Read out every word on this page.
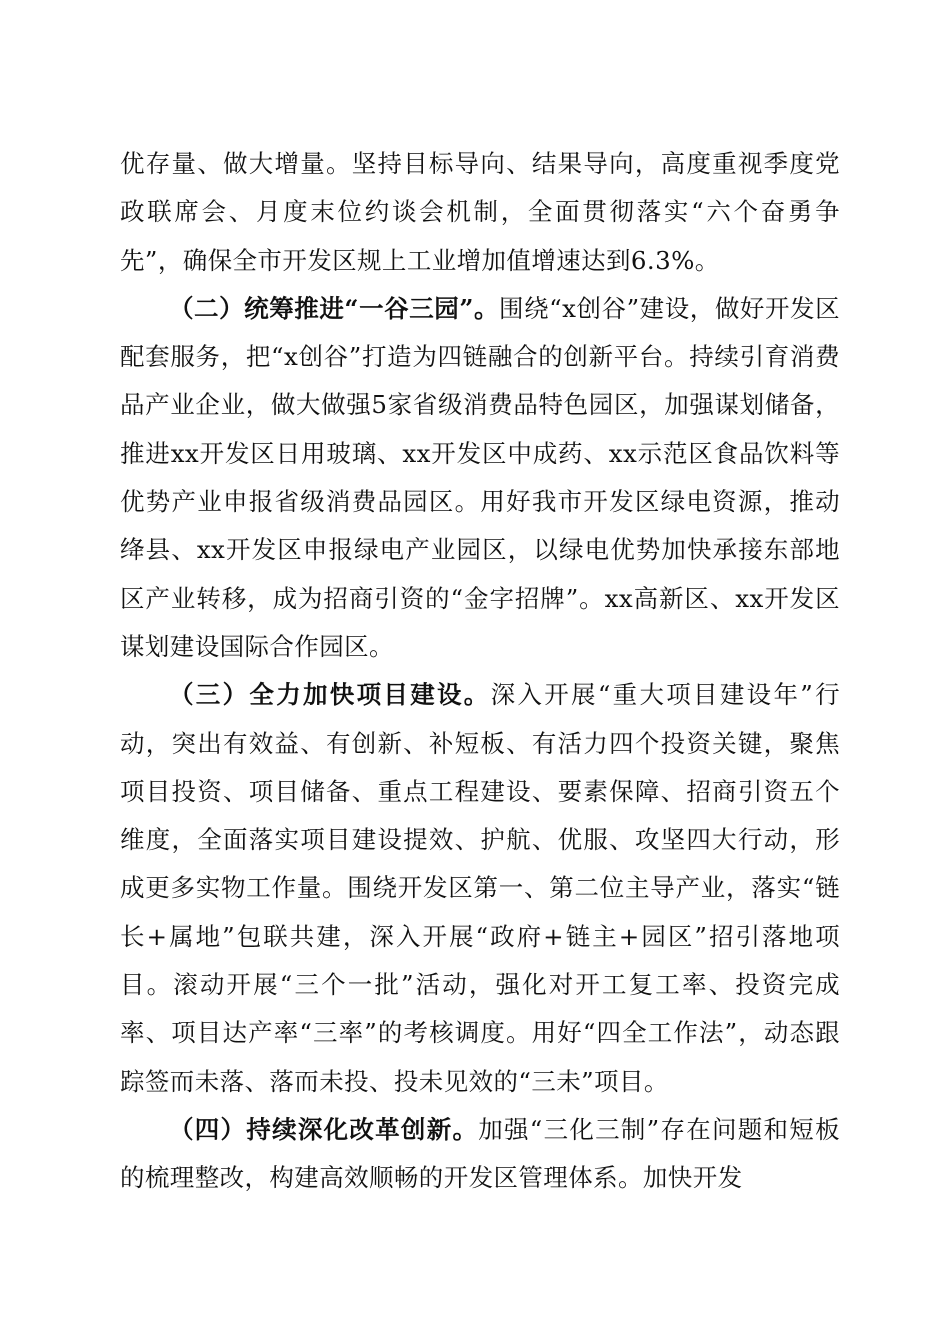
优存量、做大增量。坚持目标导向、结果导向，高度重视季度党政联席会、月度末位约谈会机制，全面贯彻落实“六个奋勇争先”，确保全市开发区规上工业增加值增速达到6.3%。

（二）统筹推进“一谷三园”。围绕“x创谷”建设，做好开发区配套服务，把“x创谷”打造为四链融合的创新平台。持续引育消费品产业企业，做大做强5家省级消费品特色园区，加强谋划储备，推进xx开发区日用玻璃、xx开发区中成药、xx示范区食品饮料等优势产业申报省级消费品园区。用好我市开发区绿电资源，推动绛县、xx开发区申报绿电产业园区，以绿电优势加快承接东部地区产业转移，成为招商引资的“金字招牌”。xx高新区、xx开发区谋划建设国际合作园区。

（三）全力加快项目建设。深入开展“重大项目建设年”行动，突出有效益、有创新、补短板、有活力四个投资关键，聚焦项目投资、项目储备、重点工程建设、要素保障、招商引资五个维度，全面落实项目建设提效、护航、优服、攻坚四大行动，形成更多实物工作量。围绕开发区第一、第二位主导产业，落实“链长+属地”包联共建，深入开展“政府+链主+园区”招引落地项目。滚动开展“三个一批”活动，强化对开工复工率、投资完成率、项目达产率“三率”的考核调度。用好“四全工作法”，动态跟踪签而未落、落而未投、投未见效的“三未”项目。

（四）持续深化改革创新。加强“三化三制”存在问题和短板的梳理整改，构建高效顺畅的开发区管理体系。加快开发
